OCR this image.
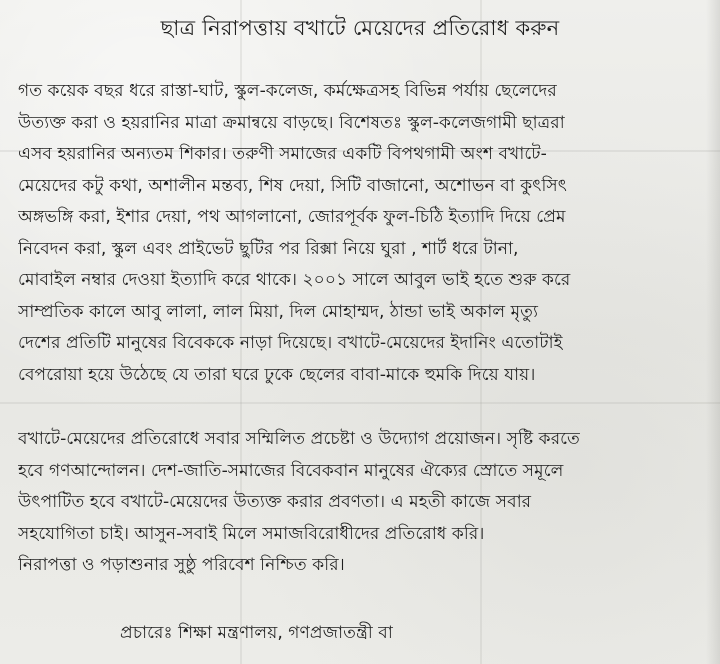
ছাত্র নিরাপত্তায় বখাটে মেয়েদের প্রতিরোধ করুন
গত কয়েক বছর ধরে রাস্তা-ঘাট, স্কুল-কলেজ, কর্মক্ষেত্রসহ বিভিন্ন পর্যায় ছেলেদের
উত্যক্ত করা ও হয়রানির মাত্রা ক্রমান্বয়ে বাড়ছে। বিশেষতঃ স্কুল-কলেজগামী ছাত্ররা
এসব হয়রানির অন্যতম শিকার। তরুণী সমাজের একটি বিপথগামী অংশ বখাটে-
মেয়েদের কটু কথা, অশালীন মন্তব্য, শিষ দেয়া, সিটি বাজানো, অশোভন বা কুৎসিৎ
অঙ্গভঙ্গি করা, ইশার দেয়া, পথ আগলানো, জোরপূর্বক ফুল-চিঠি ইত্যাদি দিয়ে প্রেম
নিবেদন করা, স্কুল এবং প্রাইভেট ছুটির পর রিক্সা নিয়ে ঘুরা , শার্ট ধরে টানা,
মোবাইল নম্বার দেওয়া ইত্যাদি করে থাকে। ২০০১ সালে আবুল ভাই হতে শুরু করে
সাম্প্রতিক কালে আবু লালা, লাল মিয়া, দিল মোহাম্মদ, ঠান্ডা ভাই অকাল মৃত্যু
দেশের প্রতিটি মানুষের বিবেককে নাড়া দিয়েছে। বখাটে-মেয়েদের ইদানিং এতোটাই
বেপরোয়া হয়ে উঠেছে যে তারা ঘরে ঢুকে ছেলের বাবা-মাকে হুমকি দিয়ে যায়।
বখাটে-মেয়েদের প্রতিরোধে সবার সম্মিলিত প্রচেষ্টা ও উদ্যোগ প্রয়োজন। সৃষ্টি করতে
হবে গণআন্দোলন। দেশ-জাতি-সমাজের বিবেকবান মানুষের ঐক্যের স্রোতে সমূলে
উৎপাটিত হবে বখাটে-মেয়েদের উত্যক্ত করার প্রবণতা। এ মহতী কাজে সবার
সহযোগিতা চাই। আসুন-সবাই মিলে সমাজবিরোধীদের প্রতিরোধ করি।
নিরাপত্তা ও পড়াশুনার সুষ্ঠু পরিবেশ নিশ্চিত করি।
প্রচারেঃ শিক্ষা মন্ত্রণালয়, গণপ্রজাতন্ত্রী বা
